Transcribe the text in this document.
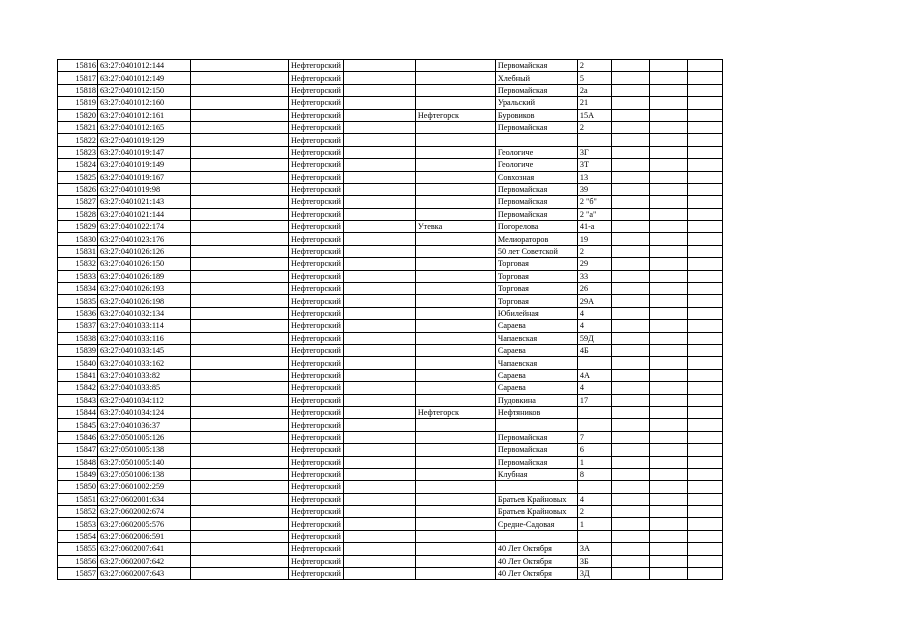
15816	63:27:0401012:144		Нефтегорский			Первомайская	2			
15817	63:27:0401012:149		Нефтегорский			Хлебный	5			
15818	63:27:0401012:150		Нефтегорский			Первомайская	2а			
15819	63:27:0401012:160		Нефтегорский			Уральский	21			
15820	63:27:0401012:161		Нефтегорский		Нефтегорск	Буровиков	15А			
15821	63:27:0401012:165		Нефтегорский			Первомайская	2			
15822	63:27:0401019:129		Нефтегорский							
15823	63:27:0401019:147		Нефтегорский			Геологиче	3Г			
15824	63:27:0401019:149		Нефтегорский			Геологиче	3Т			
15825	63:27:0401019:167		Нефтегорский			Совхозная	13			
15826	63:27:0401019:98		Нефтегорский			Первомайская	39			
15827	63:27:0401021:143		Нефтегорский			Первомайская	2 "б"			
15828	63:27:0401021:144		Нефтегорский			Первомайская	2 "а"			
15829	63:27:0401022:174		Нефтегорский		Утевка	Погорелова	41-а			
15830	63:27:0401023:176		Нефтегорский			Мелиораторов	19			
15831	63:27:0401026:126		Нефтегорский			50 лет Советской	2			
15832	63:27:0401026:150		Нефтегорский			Торговая	29			
15833	63:27:0401026:189		Нефтегорский			Торговая	33			
15834	63:27:0401026:193		Нефтегорский			Торговая	26			
15835	63:27:0401026:198		Нефтегорский			Торговая	29А			
15836	63:27:0401032:134		Нефтегорский			Юбилейная	4			
15837	63:27:0401033:114		Нефтегорский			Сараева	4			
15838	63:27:0401033:116		Нефтегорский			Чапаевская	59Д			
15839	63:27:0401033:145		Нефтегорский			Сараева	4Б			
15840	63:27:0401033:162		Нефтегорский			Чапаевская				
15841	63:27:0401033:82		Нефтегорский			Сараева	4А			
15842	63:27:0401033:85		Нефтегорский			Сараева	4			
15843	63:27:0401034:112		Нефтегорский			Пудовкина	17			
15844	63:27:0401034:124		Нефтегорский		Нефтегорск	Нефтяников				
15845	63:27:0401036:37		Нефтегорский							
15846	63:27:0501005:126		Нефтегорский			Первомайская	7			
15847	63:27:0501005:138		Нефтегорский			Первомайская	6			
15848	63:27:0501005:140		Нефтегорский			Первомайская	1			
15849	63:27:0501006:138		Нефтегорский			Клубная	8			
15850	63:27:0601002:259		Нефтегорский							
15851	63:27:0602001:634		Нефтегорский			Братьев Крайновых	4			
15852	63:27:0602002:674		Нефтегорский			Братьев Крайновых	2			
15853	63:27:0602005:576		Нефтегорский			Средне-Садовая	1			
15854	63:27:0602006:591		Нефтегорский							
15855	63:27:0602007:641		Нефтегорский			40 Лет Октября	3А			
15856	63:27:0602007:642		Нефтегорский			40 Лет Октября	3Б			
15857	63:27:0602007:643		Нефтегорский			40 Лет Октября	3Д			
